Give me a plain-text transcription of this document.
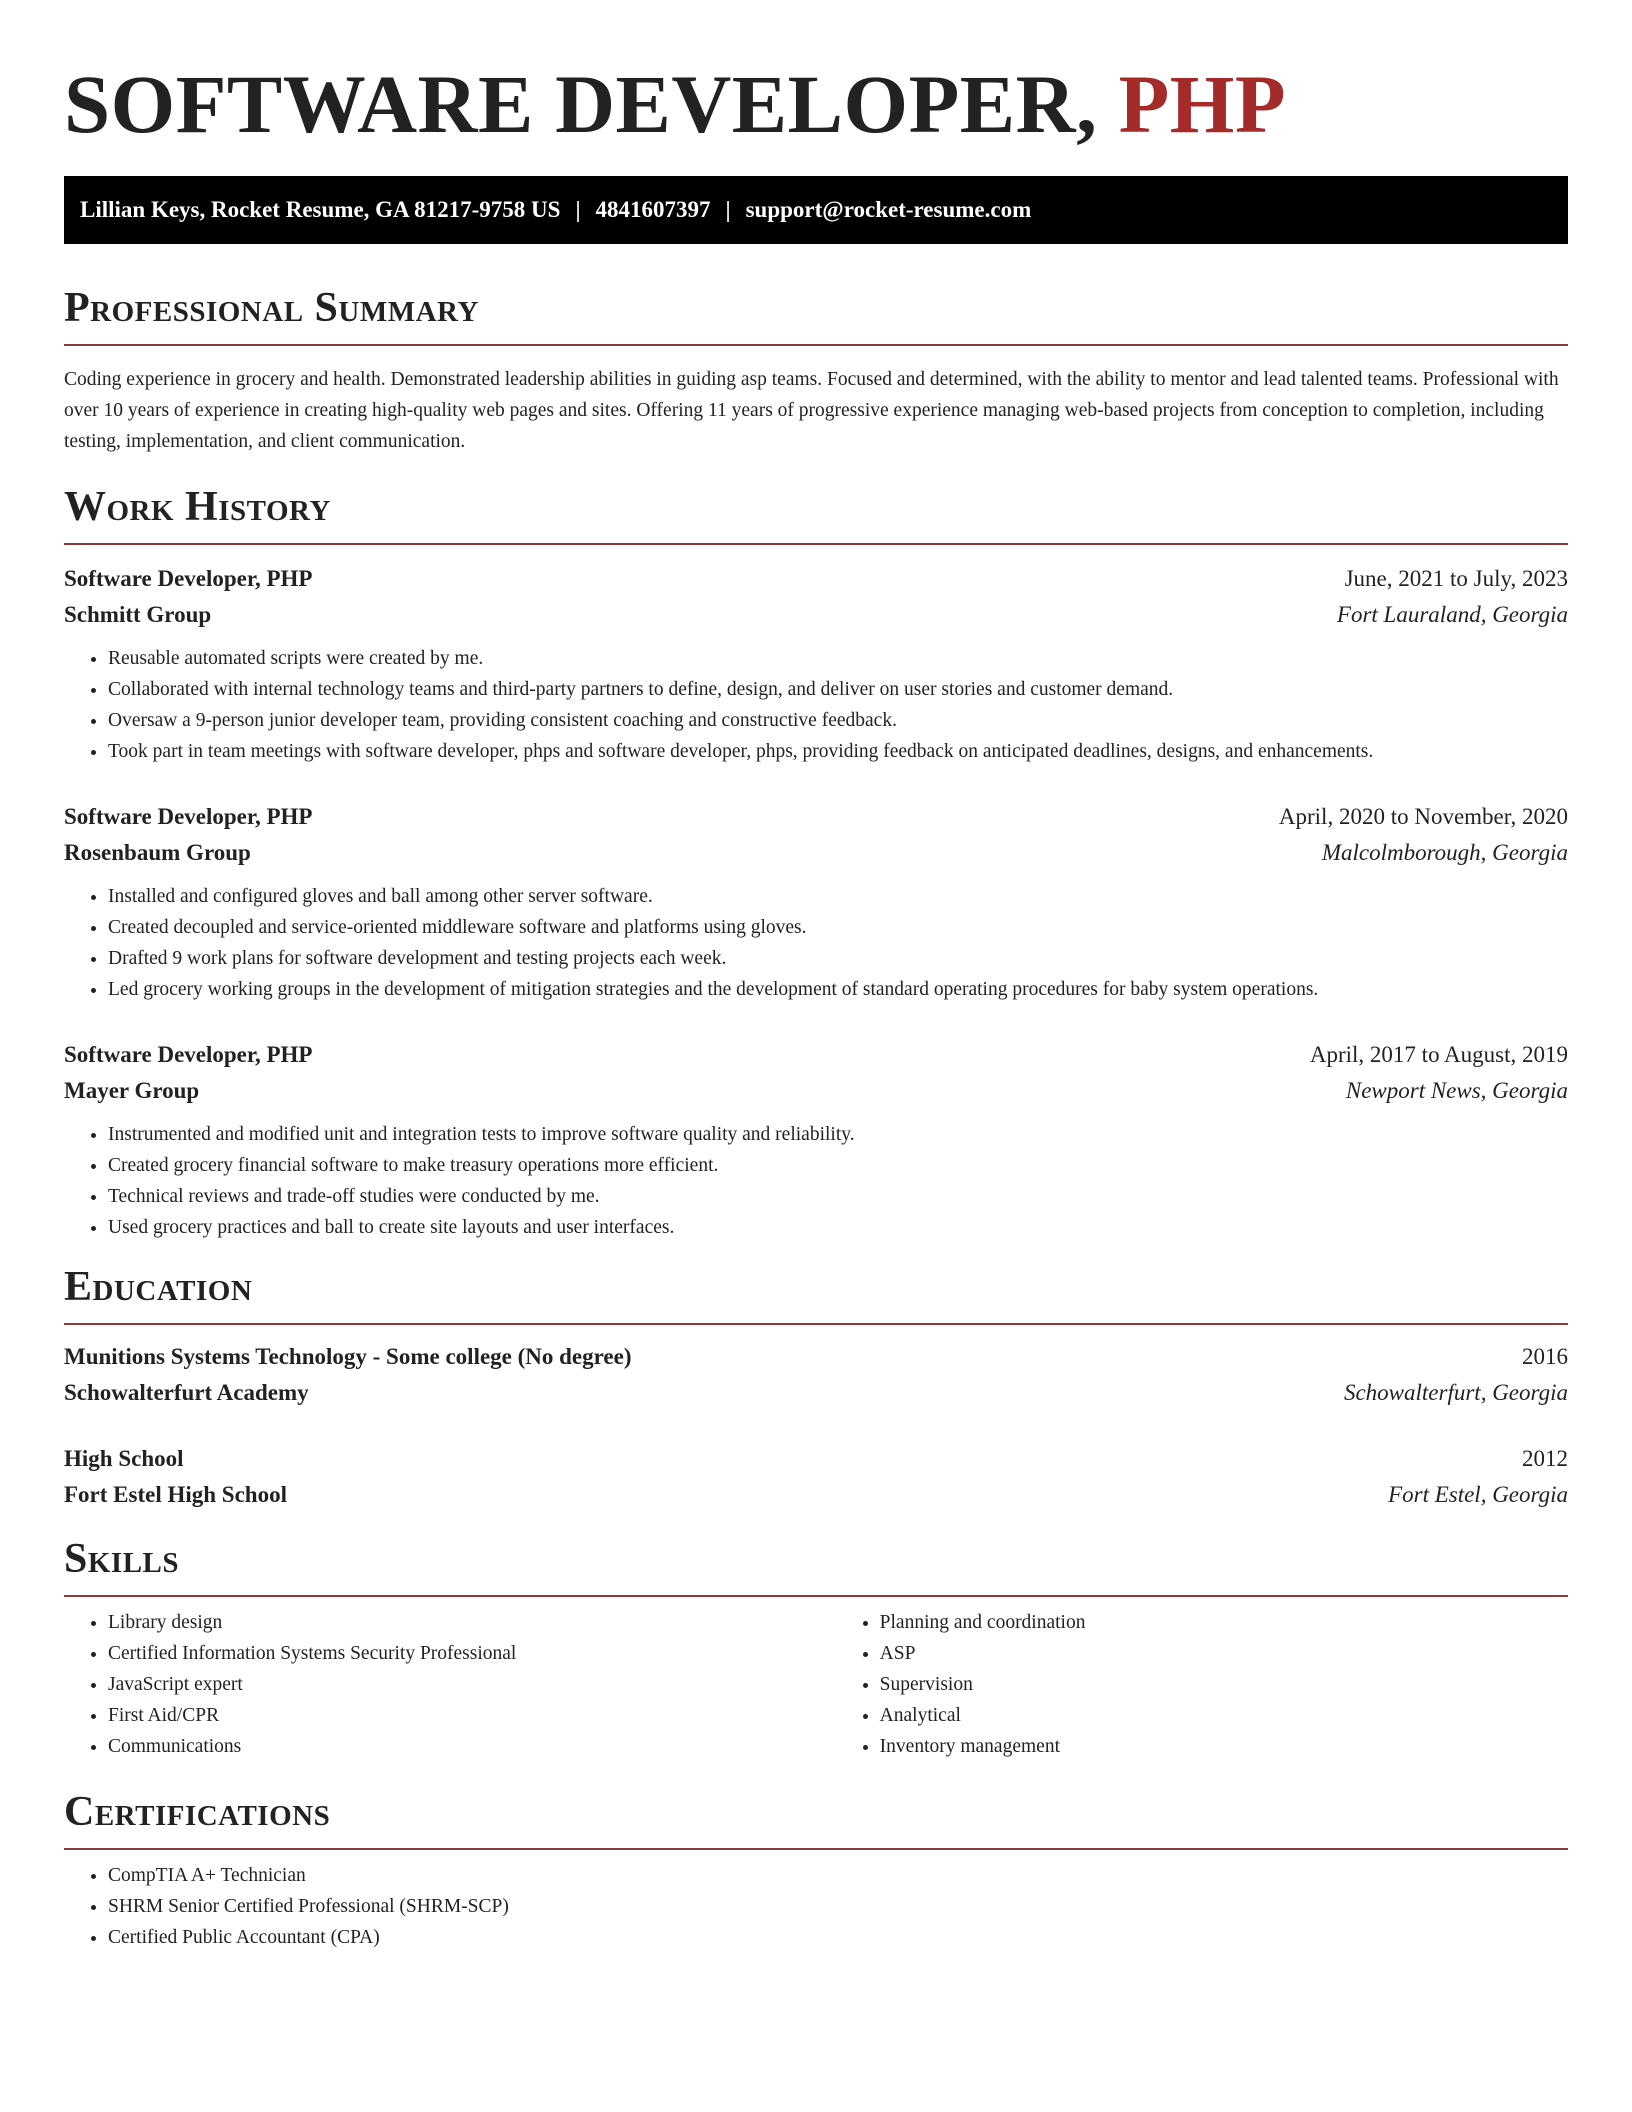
SOFTWARE DEVELOPER, PHP
Lillian Keys, Rocket Resume, GA 81217-9758 US | 4841607397 | support@rocket-resume.com
Professional Summary

Coding experience in grocery and health. Demonstrated leadership abilities in guiding asp teams. Focused and determined, with the ability to mentor and lead talented teams. Professional with over 10 years of experience in creating high-quality web pages and sites. Offering 11 years of progressive experience managing web-based projects from conception to completion, including testing, implementation, and client communication.

Work History
Software Developer, PHP	June, 2021 to July, 2023
Schmitt Group	Fort Lauraland, Georgia
• Reusable automated scripts were created by me.
• Collaborated with internal technology teams and third-party partners to define, design, and deliver on user stories and customer demand.
• Oversaw a 9-person junior developer team, providing consistent coaching and constructive feedback.
• Took part in team meetings with software developer, phps and software developer, phps, providing feedback on anticipated deadlines, designs, and enhancements.
Software Developer, PHP	April, 2020 to November, 2020
Rosenbaum Group	Malcolmborough, Georgia
• Installed and configured gloves and ball among other server software.
• Created decoupled and service-oriented middleware software and platforms using gloves.
• Drafted 9 work plans for software development and testing projects each week.
• Led grocery working groups in the development of mitigation strategies and the development of standard operating procedures for baby system operations.
Software Developer, PHP	April, 2017 to August, 2019
Mayer Group	Newport News, Georgia
• Instrumented and modified unit and integration tests to improve software quality and reliability.
• Created grocery financial software to make treasury operations more efficient.
• Technical reviews and trade-off studies were conducted by me.
• Used grocery practices and ball to create site layouts and user interfaces.
Education
Munitions Systems Technology - Some college (No degree)	2016
Schowalterfurt Academy	Schowalterfurt, Georgia
High School	2012
Fort Estel High School	Fort Estel, Georgia
Skills
• Library design
• Certified Information Systems Security Professional
• JavaScript expert
• First Aid/CPR
• Communications
• Planning and coordination
• ASP
• Supervision
• Analytical
• Inventory management
Certifications
• CompTIA A+ Technician
• SHRM Senior Certified Professional (SHRM-SCP)
• Certified Public Accountant (CPA)
